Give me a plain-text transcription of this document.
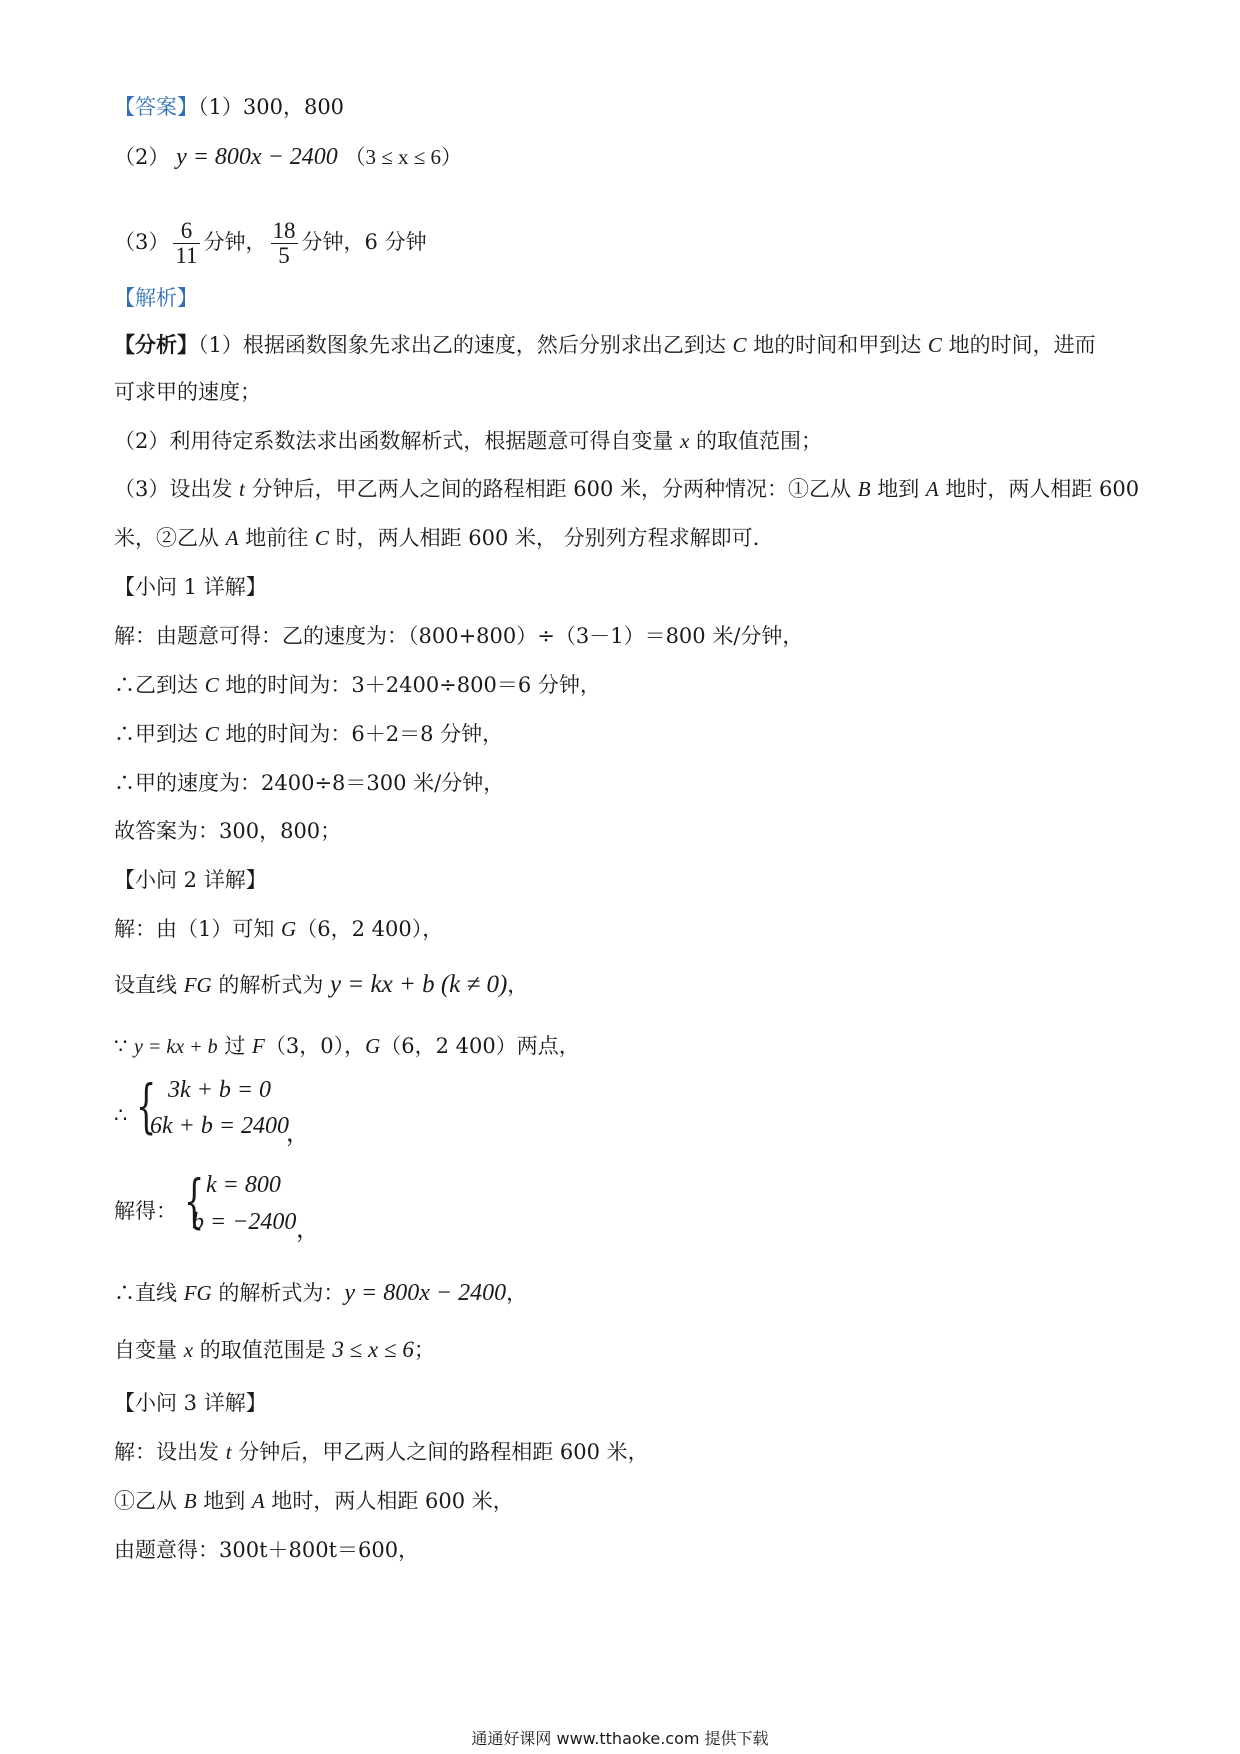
【答案】（1）300，800
（2） y = 800x − 2400 （3 ≤ x ≤ 6）
$(3) \frac{6}{11}$ 分钟， $\frac{18}{5}$ 分钟，6 分钟
【解析】
【分析】（1）根据函数图象先求出乙的速度，然后分别求出乙到达 C 地的时间和甲到达 C 地的时间，进而
可求甲的速度；
（2）利用待定系数法求出函数解析式，根据题意可得自变量 x 的取值范围；
（3）设出发 t 分钟后，甲乙两人之间的路程相距 600 米，分两种情况：①乙从 B 地到 A 地时，两人相距 600
米，②乙从 A 地前往 C 时，两人相距 600 米， 分别列方程求解即可.
【小问 1 详解】
解：由题意可得：乙的速度为：（800+800）÷（3－1）＝800 米/分钟，
∴乙到达 C 地的时间为：3＋2400÷800＝6 分钟，
∴甲到达 C 地的时间为：6＋2＝8 分钟，
∴甲的速度为：2400÷8＝300 米/分钟，
故答案为：300，800；
【小问 2 详解】
解：由（1）可知 G（6，2 400），
设直线 FG 的解析式为 y = kx + b (k ≠ 0)，
∵ y = kx + b 过 F（3，0），G（6，2 400）两点，
∴ { 3k + b = 0
6k + b = 2400
，
解得： { k = 800
b = −2400 ，
∴直线 FG 的解析式为：y = 800x − 2400，
自变量 x 的取值范围是 3 ≤ x ≤ 6；
【小问 3 详解】
解：设出发 t 分钟后，甲乙两人之间的路程相距 600 米，
①乙从 B 地到 A 地时，两人相距 600 米，
由题意得：300t＋800t＝600，
通通好课网 www.tthaoke.com 提供下载
